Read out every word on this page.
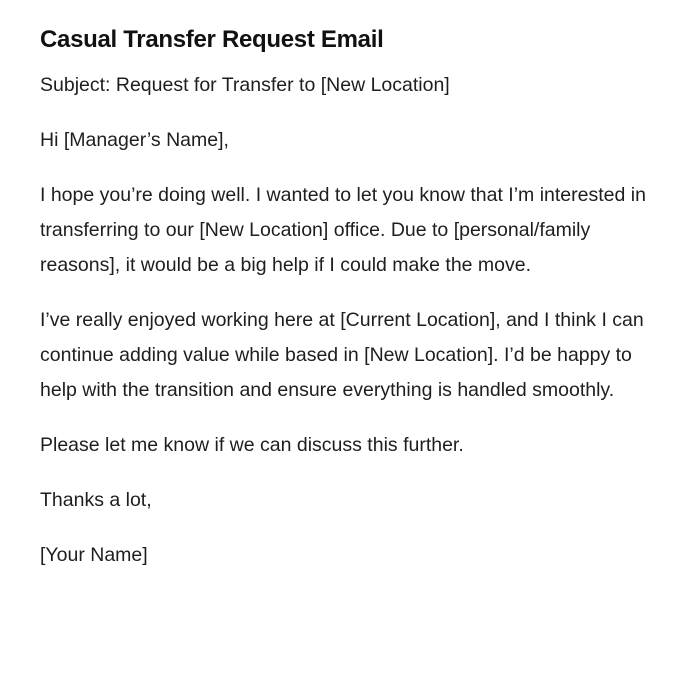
Casual Transfer Request Email

Subject: Request for Transfer to [New Location]

Hi [Manager’s Name],

I hope you’re doing well. I wanted to let you know that I’m interested in transferring to our [New Location] office. Due to [personal/family reasons], it would be a big help if I could make the move.

I’ve really enjoyed working here at [Current Location], and I think I can continue adding value while based in [New Location]. I’d be happy to help with the transition and ensure everything is handled smoothly.

Please let me know if we can discuss this further.

Thanks a lot,

[Your Name]
